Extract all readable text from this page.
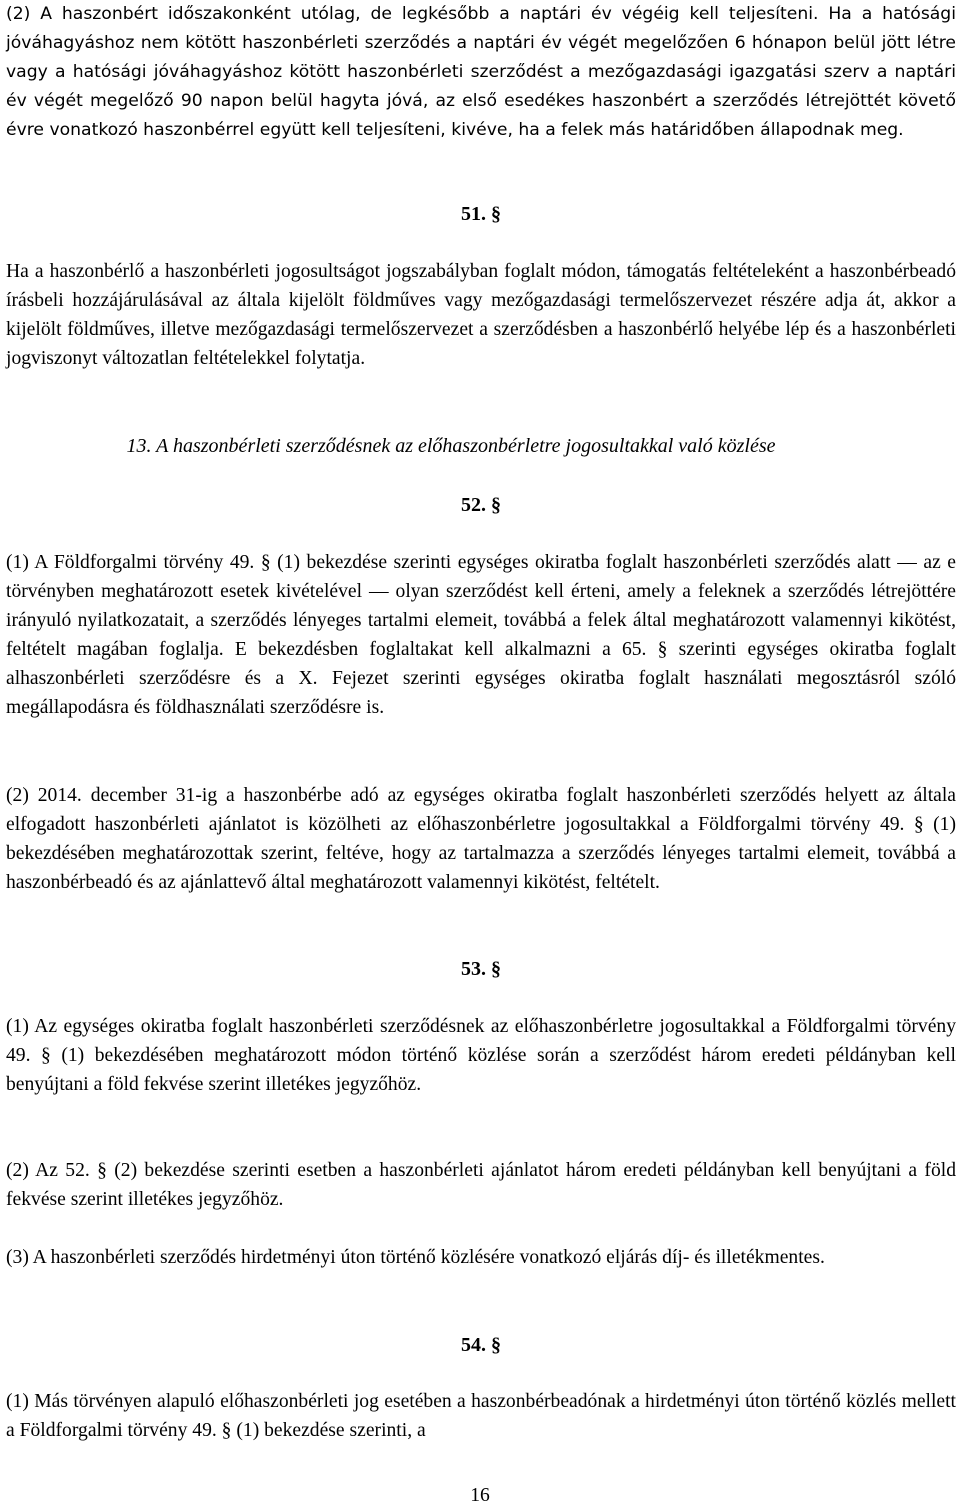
(2) A haszonbért időszakonként utólag, de legkésőbb a naptári év végéig kell teljesíteni. Ha a hatósági jóváhagyáshoz nem kötött haszonbérleti szerződés a naptári év végét megelőzően 6 hónapon belül jött létre vagy a hatósági jóváhagyáshoz kötött haszonbérleti szerződést a mezőgazdasági igazgatási szerv a naptári év végét megelőző 90 napon belül hagyta jóvá, az első esedékes haszonbért a szerződés létrejöttét követő évre vonatkozó haszonbérrel együtt kell teljesíteni, kivéve, ha a felek más határidőben állapodnak meg.

51. §

Ha a haszonbérlő a haszonbérleti jogosultságot jogszabályban foglalt módon, támogatás feltételeként a haszonbérbeadó írásbeli hozzájárulásával az általa kijelölt földműves vagy mezőgazdasági termelőszervezet részére adja át, akkor a kijelölt földműves, illetve mezőgazdasági termelőszervezet a szerződésben a haszonbérlő helyébe lép és a haszonbérleti jogviszonyt változatlan feltételekkel folytatja.

13. A haszonbérleti szerződésnek az előhaszonbérletre jogosultakkal való közlése

52. §

(1) A Földforgalmi törvény 49. § (1) bekezdése szerinti egységes okiratba foglalt haszonbérleti szerződés alatt ― az e törvényben meghatározott esetek kivételével ― olyan szerződést kell érteni, amely a feleknek a szerződés létrejöttére irányuló nyilatkozatait, a szerződés lényeges tartalmi elemeit, továbbá a felek által meghatározott valamennyi kikötést, feltételt magában foglalja. E bekezdésben foglaltakat kell alkalmazni a 65. § szerinti egységes okiratba foglalt alhaszonbérleti szerződésre és a X. Fejezet szerinti egységes okiratba foglalt használati megosztásról szóló megállapodásra és földhasználati szerződésre is.

(2) 2014. december 31-ig a haszonbérbe adó az egységes okiratba foglalt haszonbérleti szerződés helyett az általa elfogadott haszonbérleti ajánlatot is közölheti az előhaszonbérletre jogosultakkal a Földforgalmi törvény 49. § (1) bekezdésében meghatározottak szerint, feltéve, hogy az tartalmazza a szerződés lényeges tartalmi elemeit, továbbá a haszonbérbeadó és az ajánlattevő által meghatározott valamennyi kikötést, feltételt.

53. §

(1) Az egységes okiratba foglalt haszonbérleti szerződésnek az előhaszonbérletre jogosultakkal a Földforgalmi törvény 49. § (1) bekezdésében meghatározott módon történő közlése során a szerződést három eredeti példányban kell benyújtani a föld fekvése szerint illetékes jegyzőhöz.

(2) Az 52. § (2) bekezdése szerinti esetben a haszonbérleti ajánlatot három eredeti példányban kell benyújtani a föld fekvése szerint illetékes jegyzőhöz.

(3) A haszonbérleti szerződés hirdetményi úton történő közlésére vonatkozó eljárás díj- és illetékmentes.

54. §

(1) Más törvényen alapuló előhaszonbérleti jog esetében a haszonbérbeadónak a hirdetményi úton történő közlés mellett a Földforgalmi törvény 49. § (1) bekezdése szerinti, a

16
